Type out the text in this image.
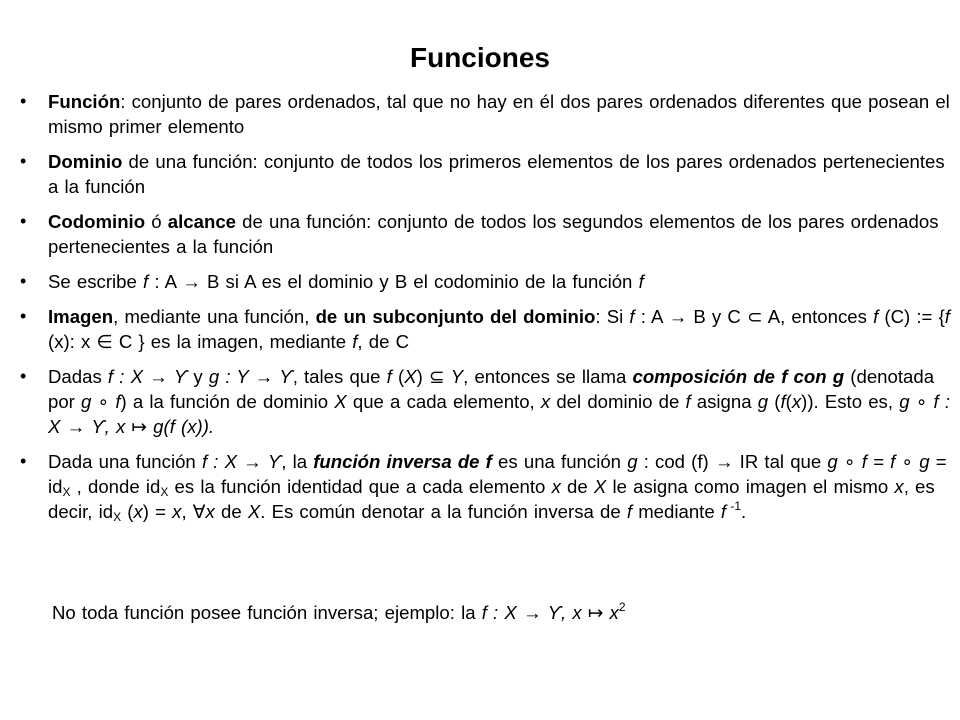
Funciones
• Función: conjunto de pares ordenados, tal que no hay en él dos pares ordenados diferentes que posean el mismo primer elemento
• Dominio de una función: conjunto de todos los primeros elementos de los pares ordenados pertenecientes a la función
• Codominio ó alcance de una función: conjunto de todos los segundos elementos de los pares ordenados pertenecientes a la función
• Se escribe f : A → B si A es el dominio y B el codominio de la función f
• Imagen, mediante una función, de un subconjunto del dominio: Si f : A → B y C ⊂ A, entonces f (C) := {f (x): x ∈ C } es la imagen, mediante f, de C
• Dadas f : X → ϒ y g : Y → ϒ, tales que f (X) ⊆ Y, entonces se llama composición de f con g (denotada por g ∘ f) a la función de dominio X que a cada elemento, x del dominio de f asigna g (f(x)). Esto es, g ∘ f : X → ϒ, x ↦ g(f (x)).
• Dada una función f : X → ϒ, la función inversa de f es una función g : cod (f) → IR tal que g ∘ f = f ∘ $g = id_X$ , donde $id_X$ es la función identidad que a cada elemento x de X le asigna como imagen el mismo x, es decir, $id_X$ (x) = x, ∀x de X. Es común denotar a la función inversa de f mediante f $^{-1}$.
No toda función posee función inversa; ejemplo: la f : X → ϒ, x ↦ $x^2$
